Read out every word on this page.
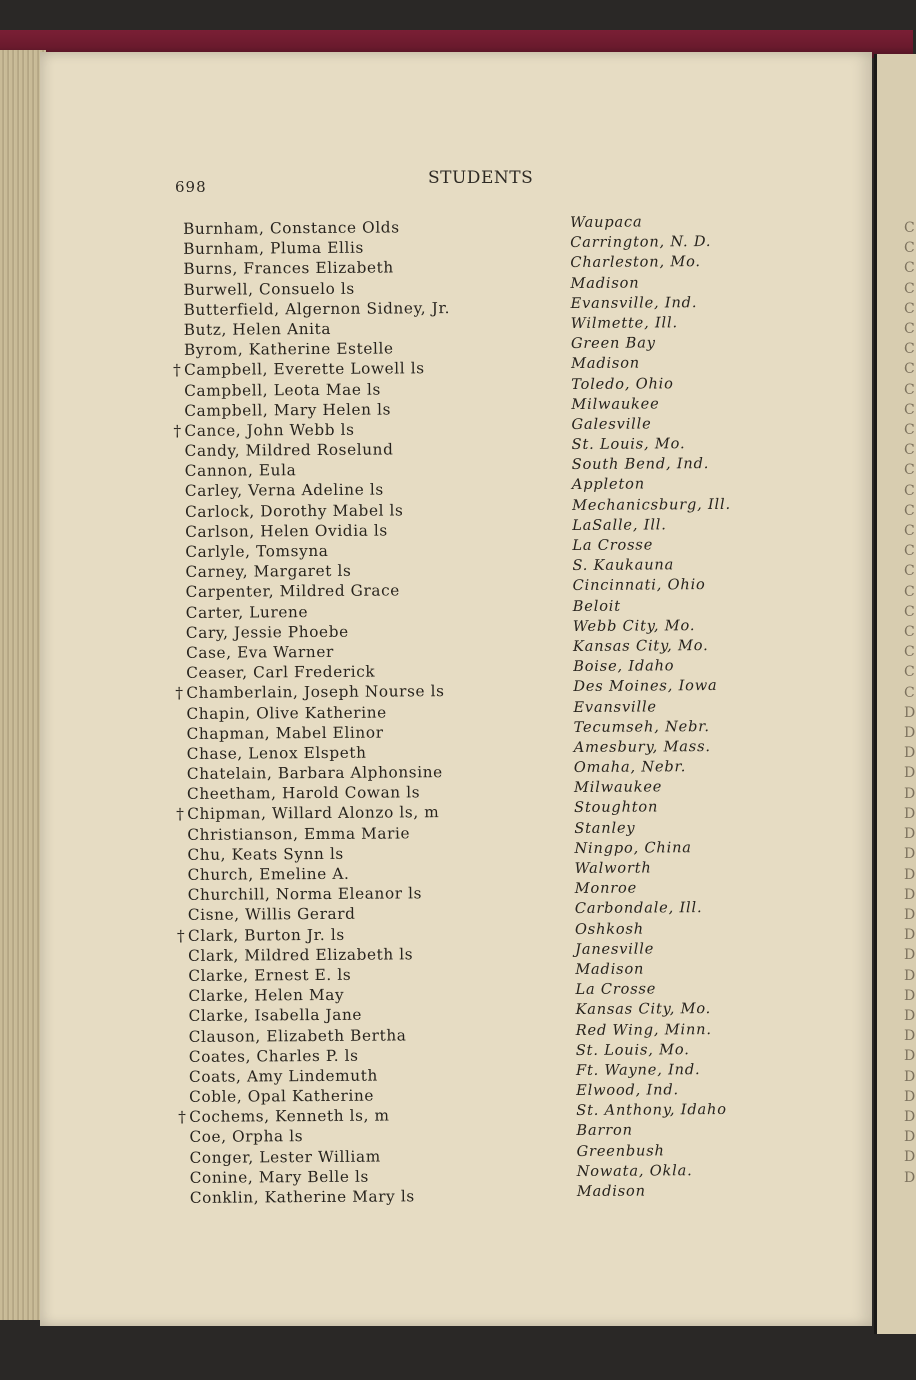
C
C
C
C
C
C
C
C
C
C
C
C
C
C
C
C
C
C
C
C
C
C
C
C
D
D
D
D
D
D
D
D
D
D
D
D
D
D
D
D
D
D
D
D
D
D
D
D
698	STUDENTS
Burnham, Constance Olds
Burnham, Pluma Ellis
Burns, Frances Elizabeth
Burwell, Consuelo ls
Butterfield, Algernon Sidney, Jr.
Butz, Helen Anita
Byrom, Katherine Estelle
† Campbell, Everette Lowell ls
Campbell, Leota Mae ls
Campbell, Mary Helen ls
† Cance, John Webb ls
Candy, Mildred Roselund
Cannon, Eula
Carley, Verna Adeline ls
Carlock, Dorothy Mabel ls
Carlson, Helen Ovidia ls
Carlyle, Tomsyna
Carney, Margaret ls
Carpenter, Mildred Grace
Carter, Lurene
Cary, Jessie Phoebe
Case, Eva Warner
Ceaser, Carl Frederick
† Chamberlain, Joseph Nourse ls
Chapin, Olive Katherine
Chapman, Mabel Elinor
Chase, Lenox Elspeth
Chatelain, Barbara Alphonsine
Cheetham, Harold Cowan ls
† Chipman, Willard Alonzo ls, m
Christianson, Emma Marie
Chu, Keats Synn ls
Church, Emeline A.
Churchill, Norma Eleanor ls
Cisne, Willis Gerard
† Clark, Burton Jr. ls
Clark, Mildred Elizabeth ls
Clarke, Ernest E. ls
Clarke, Helen May
Clarke, Isabella Jane
Clauson, Elizabeth Bertha
Coates, Charles P. ls
Coats, Amy Lindemuth
Coble, Opal Katherine
† Cochems, Kenneth ls, m
Coe, Orpha ls
Conger, Lester William
Conine, Mary Belle ls
Conklin, Katherine Mary ls
Waupaca
Carrington, N. D.
Charleston, Mo.
Madison
Evansville, Ind.
Wilmette, Ill.
Green Bay
Madison
Toledo, Ohio
Milwaukee
Galesville
St. Louis, Mo.
South Bend, Ind.
Appleton
Mechanicsburg, Ill.
LaSalle, Ill.
La Crosse
S. Kaukauna
Cincinnati, Ohio
Beloit
Webb City, Mo.
Kansas City, Mo.
Boise, Idaho
Des Moines, Iowa
Evansville
Tecumseh, Nebr.
Amesbury, Mass.
Omaha, Nebr.
Milwaukee
Stoughton
Stanley
Ningpo, China
Walworth
Monroe
Carbondale, Ill.
Oshkosh
Janesville
Madison
La Crosse
Kansas City, Mo.
Red Wing, Minn.
St. Louis, Mo.
Ft. Wayne, Ind.
Elwood, Ind.
St. Anthony, Idaho
Barron
Greenbush
Nowata, Okla.
Madison
